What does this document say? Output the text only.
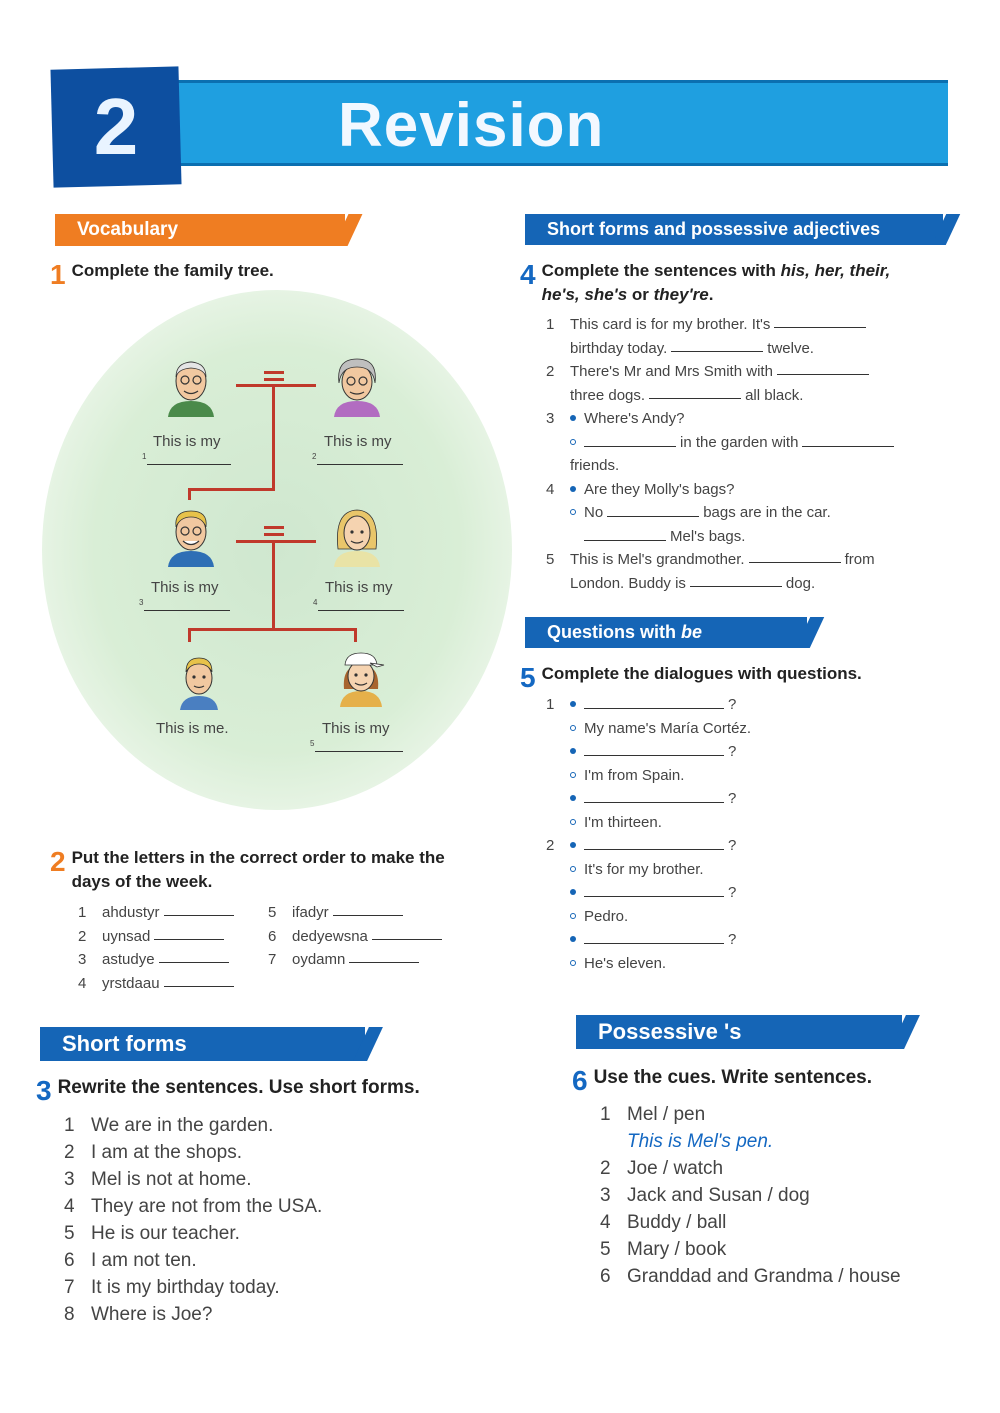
2	Revision
Vocabulary
1 Complete the family tree.
This is my
1
This is my
2
This is my
3
This is my
4
This is me.	This is my
5
2 Put the letters in the correct order to make the
days of the week.
1	ahdustyr
2	uynsad
3	astudye
4	yrstdaau
5	ifadyr
6	dedyewsna
7	oydamn
Short forms
3 Rewrite the sentences. Use short forms.
1 We are in the garden.
2 I am at the shops.
3 Mel is not at home.
4 They are not from the USA.
5 He is our teacher.
6 I am not ten.
7 It is my birthday today.
8 Where is Joe?
Short forms and possessive adjectives
4 Complete the sentences with his, her, their,
he's, she's or they're.
1	This card is for my brother. It's
birthday today.	twelve.
2	There's Mr and Mrs Smith with
three dogs.	all black.
3	Where's Andy?
in the garden with
friends.
4	Are they Molly's bags?
No	bags are in the car.
Mel's bags.
5	This is Mel's grandmother.	from
London. Buddy is	dog.
Questions with be
5 Complete the dialogues with questions.
1	?
My name's María Cortéz.
?
I'm from Spain.
?
I'm thirteen.
2	?
It's for my brother.
?
Pedro.
?
He's eleven.
Possessive 's
6 Use the cues. Write sentences.
1 Mel / pen
This is Mel's pen.
2 Joe / watch
3 Jack and Susan / dog
4 Buddy / ball
5 Mary / book
6 Granddad and Grandma / house
